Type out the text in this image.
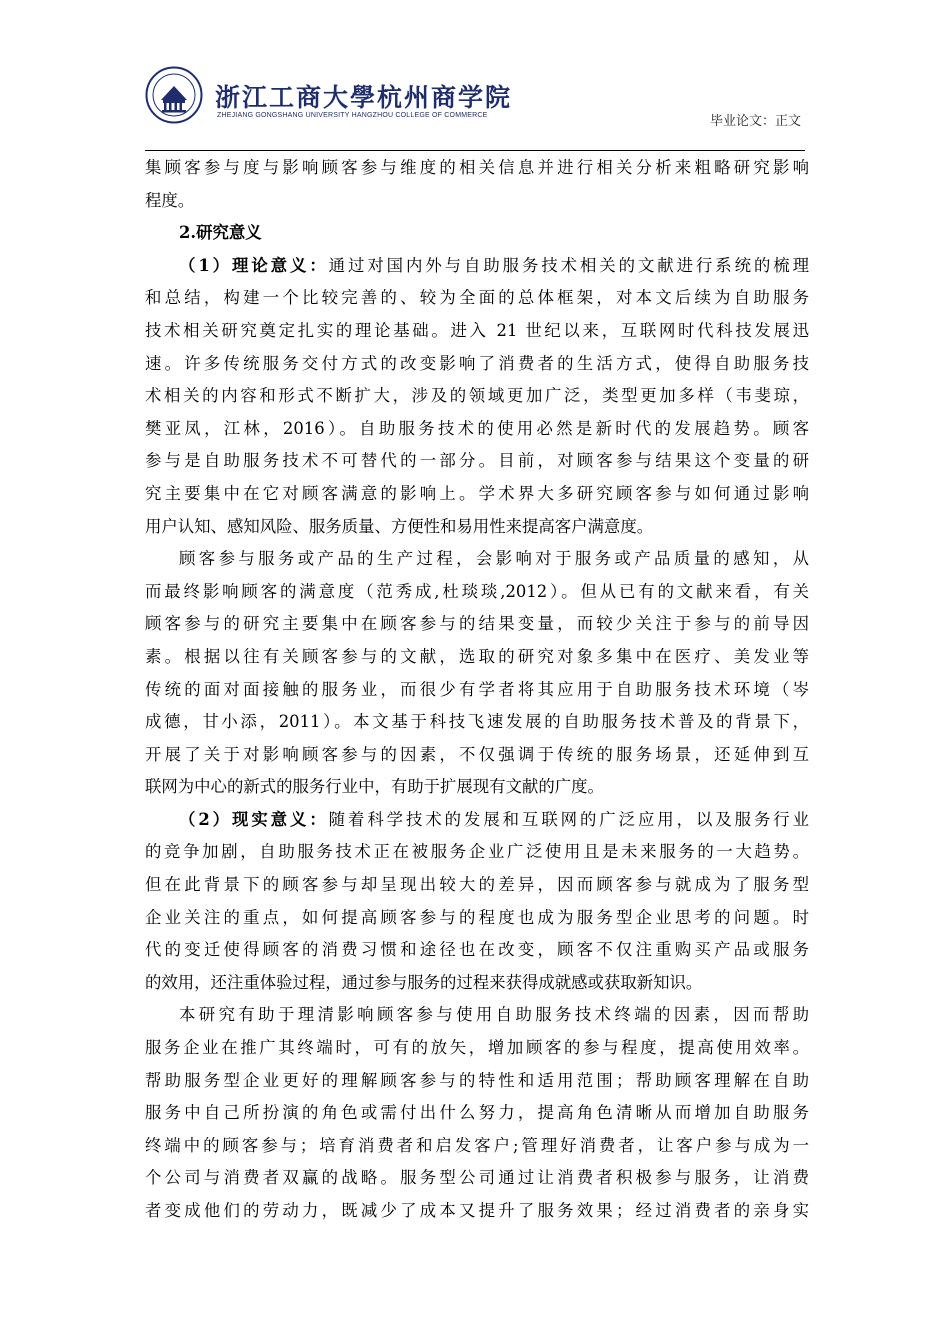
浙江工商大學杭州商学院
ZHEJIANG GONGSHANG UNIVERSITY HANGZHOU COLLEGE OF COMMERCE	毕业论文：正文
集顾客参与度与影响顾客参与维度的相关信息并进行相关分析来粗略研究影响
程度。
2.研究意义
（1）理论意义：通过对国内外与自助服务技术相关的文献进行系统的梳理
和总结，构建一个比较完善的、较为全面的总体框架，对本文后续为自助服务
技术相关研究奠定扎实的理论基础。进入 21 世纪以来，互联网时代科技发展迅
速。许多传统服务交付方式的改变影响了消费者的生活方式，使得自助服务技
术相关的内容和形式不断扩大，涉及的领域更加广泛，类型更加多样（韦斐琼，
樊亚凤，江林，2016）。自助服务技术的使用必然是新时代的发展趋势。顾客
参与是自助服务技术不可替代的一部分。目前，对顾客参与结果这个变量的研
究主要集中在它对顾客满意的影响上。学术界大多研究顾客参与如何通过影响
用户认知、感知风险、服务质量、方便性和易用性来提高客户满意度。
顾客参与服务或产品的生产过程，会影响对于服务或产品质量的感知，从
而最终影响顾客的满意度（范秀成,杜琰琰,2012）。但从已有的文献来看，有关
顾客参与的研究主要集中在顾客参与的结果变量，而较少关注于参与的前导因
素。根据以往有关顾客参与的文献，选取的研究对象多集中在医疗、美发业等
传统的面对面接触的服务业，而很少有学者将其应用于自助服务技术环境（岑
成德，甘小添，2011）。本文基于科技飞速发展的自助服务技术普及的背景下，
开展了关于对影响顾客参与的因素，不仅强调于传统的服务场景，还延伸到互
联网为中心的新式的服务行业中，有助于扩展现有文献的广度。
（2）现实意义：随着科学技术的发展和互联网的广泛应用，以及服务行业
的竞争加剧，自助服务技术正在被服务企业广泛使用且是未来服务的一大趋势。
但在此背景下的顾客参与却呈现出较大的差异，因而顾客参与就成为了服务型
企业关注的重点，如何提高顾客参与的程度也成为服务型企业思考的问题。时
代的变迁使得顾客的消费习惯和途径也在改变，顾客不仅注重购买产品或服务
的效用，还注重体验过程，通过参与服务的过程来获得成就感或获取新知识。
本研究有助于理清影响顾客参与使用自助服务技术终端的因素，因而帮助
服务企业在推广其终端时，可有的放矢，增加顾客的参与程度，提高使用效率。
帮助服务型企业更好的理解顾客参与的特性和适用范围；帮助顾客理解在自助
服务中自己所扮演的角色或需付出什么努力，提高角色清晰从而增加自助服务
终端中的顾客参与；培育消费者和启发客户;管理好消费者，让客户参与成为一
个公司与消费者双赢的战略。服务型公司通过让消费者积极参与服务，让消费
者变成他们的劳动力，既减少了成本又提升了服务效果；经过消费者的亲身实
